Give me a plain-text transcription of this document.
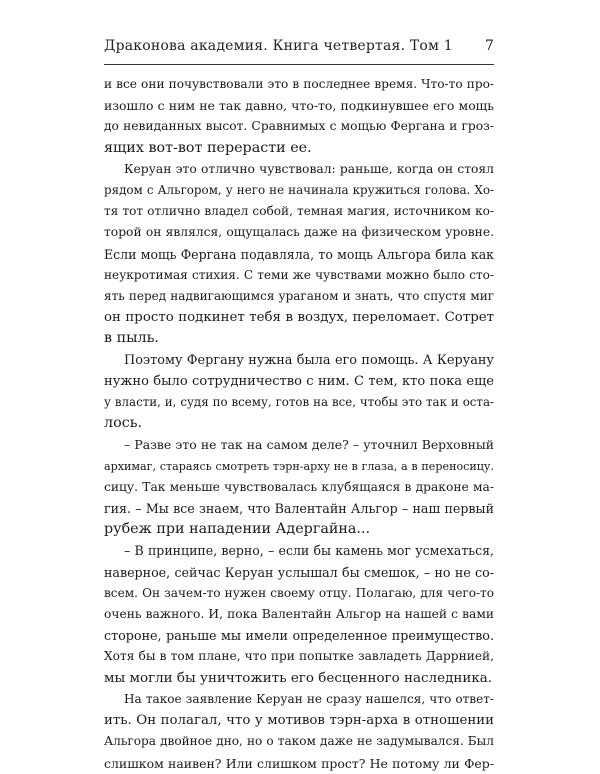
Драконова академия. Книга четвертая. Том 1 7
и все они почувствовали это в последнее время. Что-то про-
изошло с ним не так давно, что-то, подкинувшее его мощь
до невиданных высот. Сравнимых с мощью Фергана и гроз-
ящих вот-вот перерасти ее.
Керуан это отлично чувствовал: раньше, когда он стоял
рядом с Альгором, у него не начинала кружиться голова. Хо-
тя тот отлично владел собой, темная магия, источником ко-
торой он являлся, ощущалась даже на физическом уровне.
Если мощь Фергана подавляла, то мощь Альгора била как
неукротимая стихия. С теми же чувствами можно было сто-
ять перед надвигающимся ураганом и знать, что спустя миг
он просто подкинет тебя в воздух, переломает. Сотрет
в пыль.
Поэтому Фергану нужна была его помощь. А Керуану
нужно было сотрудничество с ним. С тем, кто пока еще
у власти, и, судя по всему, готов на все, чтобы это так и оста-
лось.
– Разве это не так на самом деле? – уточнил Верховный
архимаг, стараясь смотреть тэрн-арху не в глаза, а в переносицу.
сицу. Так меньше чувствовалась клубящаяся в драконе ма-
гия. – Мы все знаем, что Валентайн Альгор – наш первый
рубеж при нападении Адергайна...
– В принципе, верно, – если бы камень мог усмехаться,
наверное, сейчас Керуан услышал бы смешок, – но не со-
всем. Он зачем-то нужен своему отцу. Полагаю, для чего-то
очень важного. И, пока Валентайн Альгор на нашей с вами
стороне, раньше мы имели определенное преимущество.
Хотя бы в том плане, что при попытке завладеть Даррнией,
мы могли бы уничтожить его бесценного наследника.
На такое заявление Керуан не сразу нашелся, что ответ-
ить. Он полагал, что у мотивов тэрн-арха в отношении
Альгора двойное дно, но о таком даже не задумывался. Был
слишком наивен? Или слишком прост? Не потому ли Фер-
